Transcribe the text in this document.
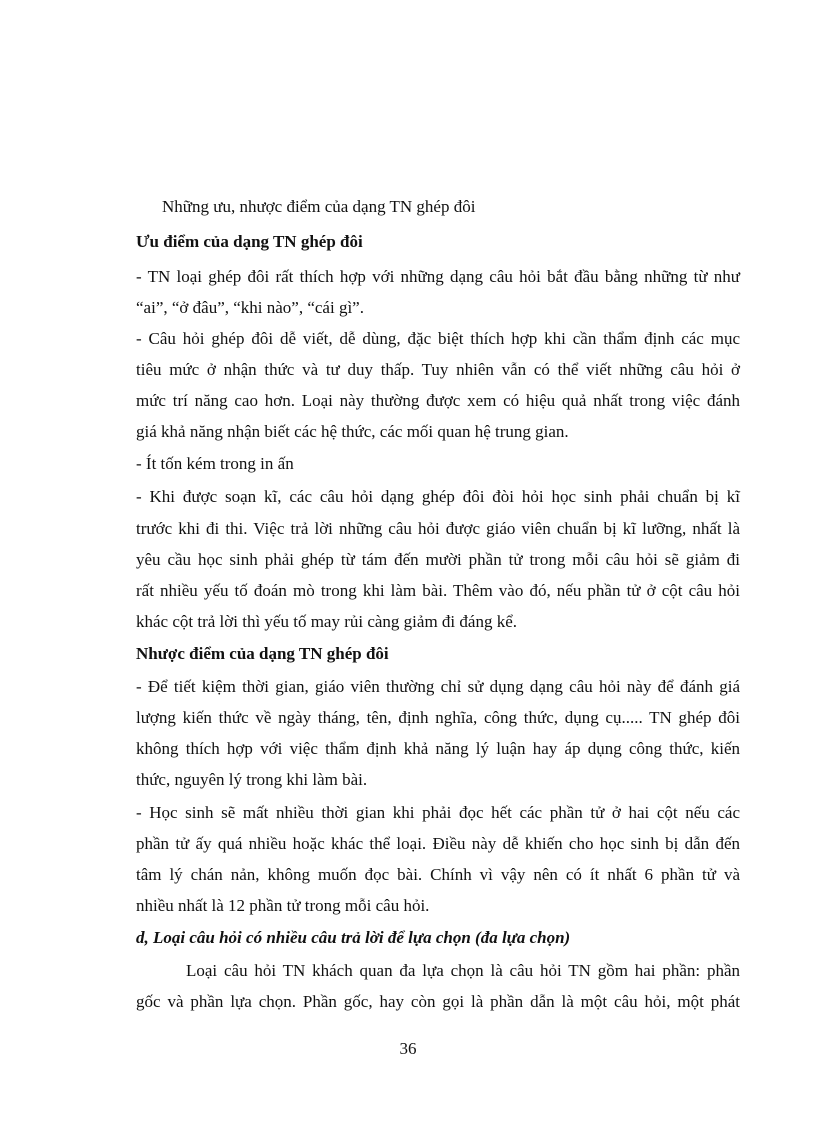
Những ưu, nhược điểm của dạng TN ghép đôi
Ưu điểm của dạng TN ghép đôi
- TN loại ghép đôi rất thích hợp với những dạng câu hỏi bắt đầu bằng những từ như
“ai”, “ở đâu”, “khi nào”, “cái gì”.
- Câu hỏi ghép đôi dễ viết, dễ dùng, đặc biệt thích hợp khi cần thẩm định các mục
tiêu mức ở nhận thức và tư duy thấp. Tuy nhiên vẫn có thể viết những câu hỏi ở
mức trí năng cao hơn. Loại này thường được xem có hiệu quả nhất trong việc đánh
giá khả năng nhận biết các hệ thức, các mối quan hệ trung gian.
- Ít tốn kém trong in ấn
- Khi được soạn kĩ, các câu hỏi dạng ghép đôi đòi hỏi học sinh phải chuẩn bị kĩ
trước khi đi thi. Việc trả lời những câu hỏi được giáo viên chuẩn bị kĩ lưỡng, nhất là
yêu cầu học sinh phải ghép từ tám đến mười phần tử trong mỗi câu hỏi sẽ giảm đi
rất nhiều yếu tố đoán mò trong khi làm bài. Thêm vào đó, nếu phần tử ở cột câu hỏi
khác cột trả lời thì yếu tố may rủi càng giảm đi đáng kể.
Nhược điểm của dạng TN ghép đôi
- Để tiết kiệm thời gian, giáo viên thường chỉ sử dụng dạng câu hỏi này để đánh giá
lượng kiến thức về ngày tháng, tên, định nghĩa, công thức, dụng cụ..... TN ghép đôi
không thích hợp với việc thẩm định khả năng lý luận hay áp dụng công thức, kiến
thức, nguyên lý trong khi làm bài.
- Học sinh sẽ mất nhiều thời gian khi phải đọc hết các phần tử ở hai cột nếu các
phần tử ấy quá nhiều hoặc khác thể loại. Điều này dễ khiến cho học sinh bị dẫn đến
tâm lý chán nản, không muốn đọc bài. Chính vì vậy nên có ít nhất 6 phần tử và
nhiều nhất là 12 phần tử trong mỗi câu hỏi.
d, Loại câu hỏi có nhiều câu trả lời để lựa chọn (đa lựa chọn)
Loại câu hỏi TN khách quan đa lựa chọn là câu hỏi TN gồm hai phần: phần
gốc và phần lựa chọn. Phần gốc, hay còn gọi là phần dẫn là một câu hỏi, một phát
36
